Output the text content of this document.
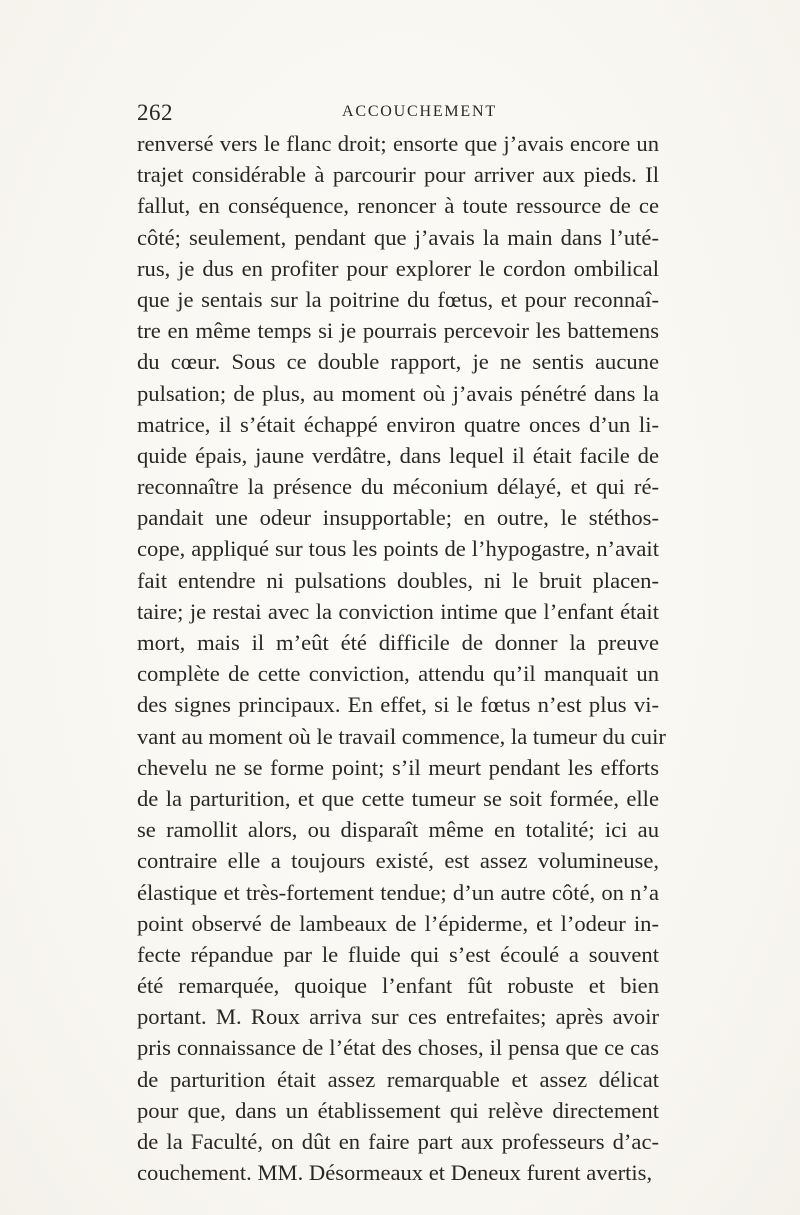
262	ACCOUCHEMENT
renversé vers le flanc droit; ensorte que j’avais encore un
trajet considérable à parcourir pour arriver aux pieds. Il
fallut, en conséquence, renoncer à toute ressource de ce
côté; seulement, pendant que j’avais la main dans l’uté-
rus, je dus en profiter pour explorer le cordon ombilical
que je sentais sur la poitrine du fœtus, et pour reconnaî-
tre en même temps si je pourrais percevoir les battemens
du cœur. Sous ce double rapport, je ne sentis aucune
pulsation; de plus, au moment où j’avais pénétré dans la
matrice, il s’était échappé environ quatre onces d’un li-
quide épais, jaune verdâtre, dans lequel il était facile de
reconnaître la présence du méconium délayé, et qui ré-
pandait une odeur insupportable; en outre, le stéthos-
cope, appliqué sur tous les points de l’hypogastre, n’avait
fait entendre ni pulsations doubles, ni le bruit placen-
taire; je restai avec la conviction intime que l’enfant était
mort, mais il m’eût été difficile de donner la preuve
complète de cette conviction, attendu qu’il manquait un
des signes principaux. En effet, si le fœtus n’est plus vi-
vant au moment où le travail commence, la tumeur du cuir
chevelu ne se forme point; s’il meurt pendant les efforts
de la parturition, et que cette tumeur se soit formée, elle
se ramollit alors, ou disparaît même en totalité; ici au
contraire elle a toujours existé, est assez volumineuse,
élastique et très-fortement tendue; d’un autre côté, on n’a
point observé de lambeaux de l’épiderme, et l’odeur in-
fecte répandue par le fluide qui s’est écoulé a souvent
été remarquée, quoique l’enfant fût robuste et bien
portant. M. Roux arriva sur ces entrefaites; après avoir
pris connaissance de l’état des choses, il pensa que ce cas
de parturition était assez remarquable et assez délicat
pour que, dans un établissement qui relève directement
de la Faculté, on dût en faire part aux professeurs d’ac-
couchement. MM. Désormeaux et Deneux furent avertis,
